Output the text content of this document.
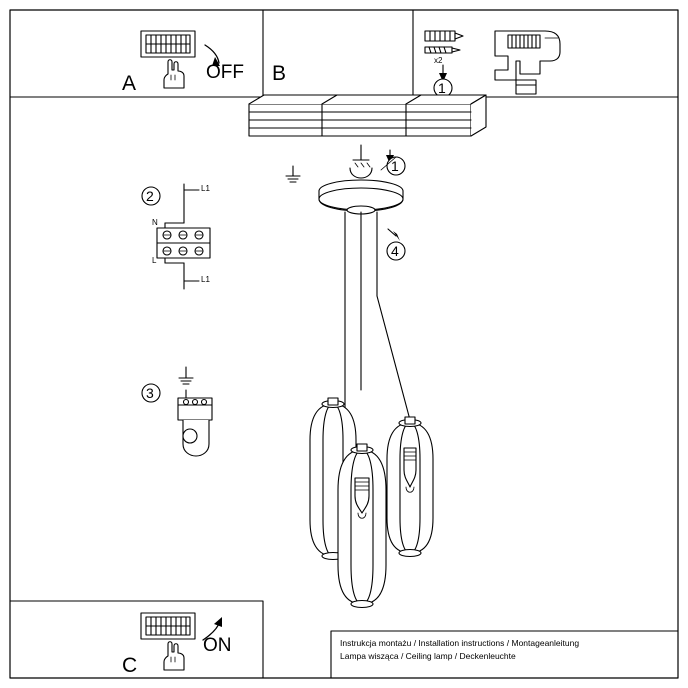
A	OFF B
C
ON
x2
1
1
4
2	L1
N
L
L1
3
Instrukcja montażu / Installation instructions / Montageanleitung
Lampa wisząca / Ceiling lamp / Deckenleuchte
